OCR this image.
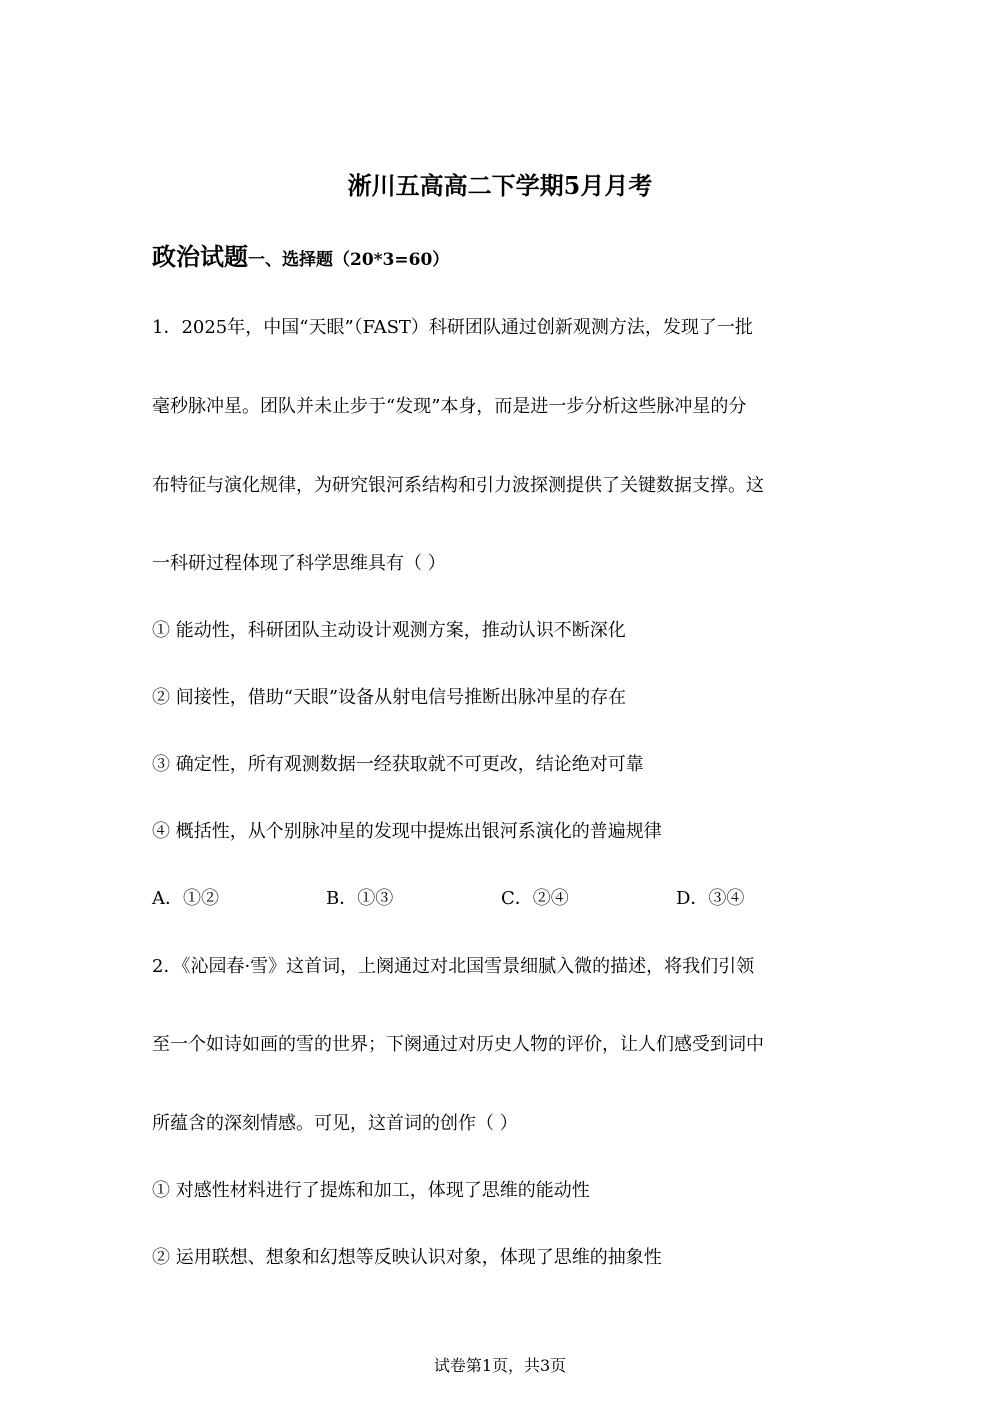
淅川五高高二下学期5月月考
政治试题一、选择题（20*3=60）
1．2025年，中国“天眼”（FAST）科研团队通过创新观测方法，发现了一批
毫秒脉冲星。团队并未止步于“发现”本身，而是进一步分析这些脉冲星的分
布特征与演化规律，为研究银河系结构和引力波探测提供了关键数据支撑。这
一科研过程体现了科学思维具有（ ）
① 能动性，科研团队主动设计观测方案，推动认识不断深化
② 间接性，借助“天眼”设备从射电信号推断出脉冲星的存在
③ 确定性，所有观测数据一经获取就不可更改，结论绝对可靠
④ 概括性，从个别脉冲星的发现中提炼出银河系演化的普遍规律
A．①②	B．①③	C．②④	D．③④
2．《沁园春·雪》这首词，上阕通过对北国雪景细腻入微的描述，将我们引领
至一个如诗如画的雪的世界；下阕通过对历史人物的评价，让人们感受到词中
所蕴含的深刻情感。可见，这首词的创作（ ）
① 对感性材料进行了提炼和加工，体现了思维的能动性
② 运用联想、想象和幻想等反映认识对象，体现了思维的抽象性
试卷第1页，共3页
